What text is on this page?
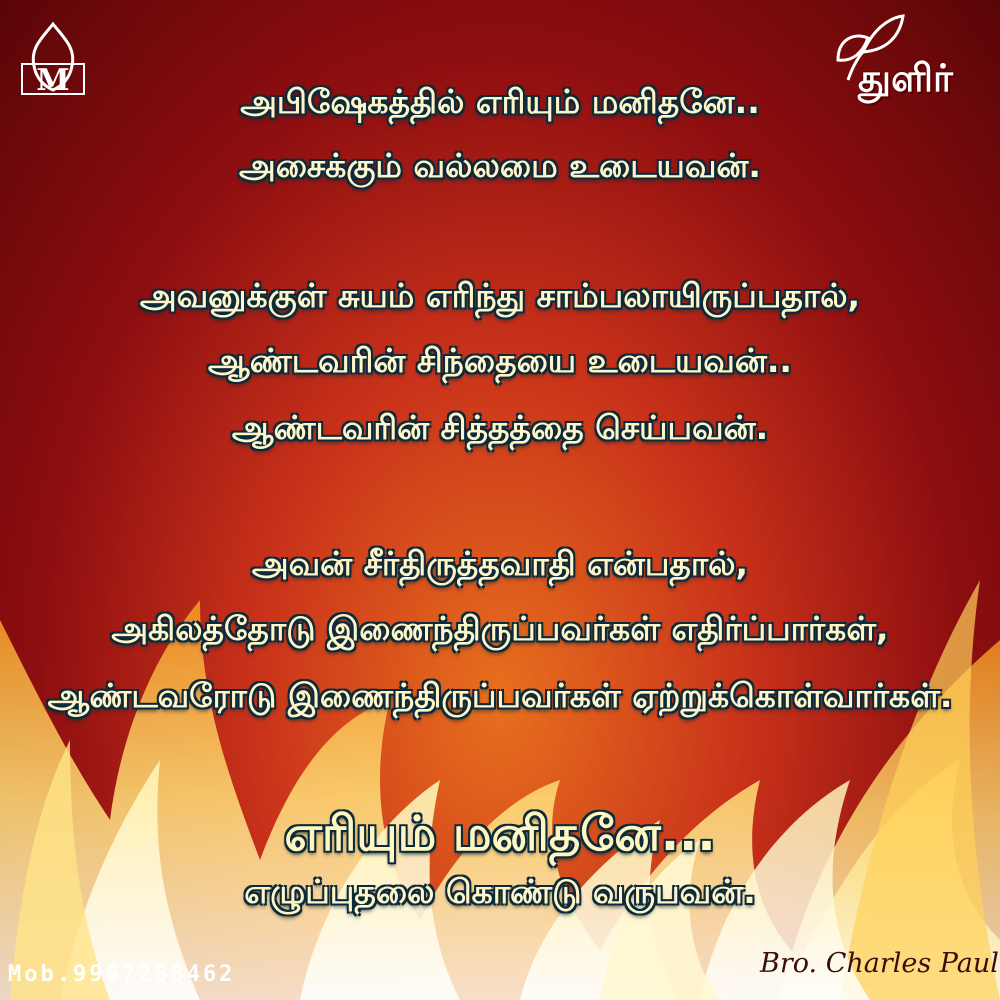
M	துளிர்
அபிஷேகத்தில் எரியும் மனிதனே..
அசைக்கும் வல்லமை உடையவன்.
அவனுக்குள் சுயம் எரிந்து சாம்பலாயிருப்பதால்,
ஆண்டவரின் சிந்தையை உடையவன்..
ஆண்டவரின் சித்தத்தை செய்பவன்.
அவன் சீர்திருத்தவாதி என்பதால்,
அகிலத்தோடு இணைந்திருப்பவர்கள் எதிர்ப்பார்கள்,
ஆண்டவரோடு இணைந்திருப்பவர்கள் ஏற்றுக்கொள்வார்கள்.
எரியும் மனிதனே...
எழுப்புதலை கொண்டு வருபவன்.
Mob.9967258462	Bro. Charles Paul
